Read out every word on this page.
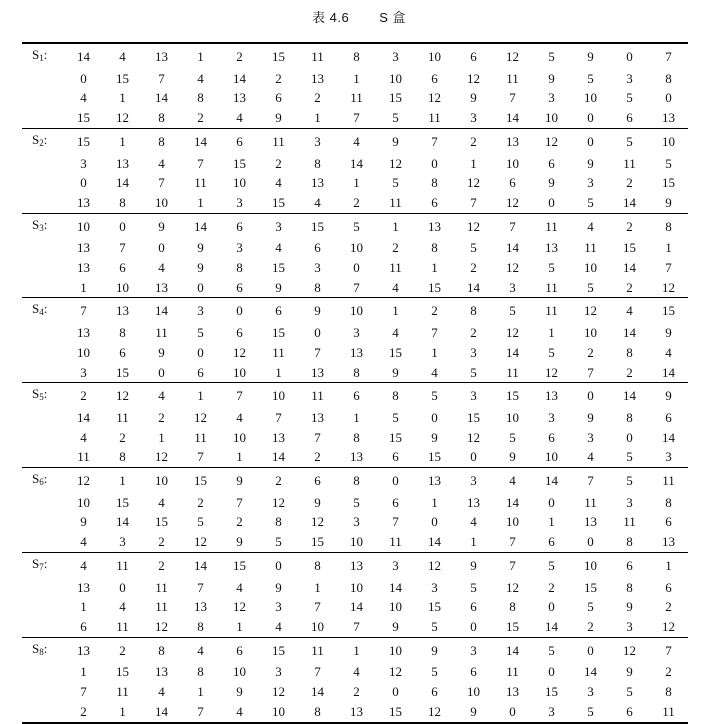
表 4.6 S 盒
$S_1$:	14	4	13	1	2	15	11	8	3	10	6	12	5	9	0	7
	0	15	7	4	14	2	13	1	10	6	12	11	9	5	3	8
	4	1	14	8	13	6	2	11	15	12	9	7	3	10	5	0
	15	12	8	2	4	9	1	7	5	11	3	14	10	0	6	13
$S_2$:	15	1	8	14	6	11	3	4	9	7	2	13	12	0	5	10
	3	13	4	7	15	2	8	14	12	0	1	10	6	9	11	5
	0	14	7	11	10	4	13	1	5	8	12	6	9	3	2	15
	13	8	10	1	3	15	4	2	11	6	7	12	0	5	14	9
$S_3$:	10	0	9	14	6	3	15	5	1	13	12	7	11	4	2	8
	13	7	0	9	3	4	6	10	2	8	5	14	13	11	15	1
	13	6	4	9	8	15	3	0	11	1	2	12	5	10	14	7
	1	10	13	0	6	9	8	7	4	15	14	3	11	5	2	12
$S_4$:	7	13	14	3	0	6	9	10	1	2	8	5	11	12	4	15
	13	8	11	5	6	15	0	3	4	7	2	12	1	10	14	9
	10	6	9	0	12	11	7	13	15	1	3	14	5	2	8	4
	3	15	0	6	10	1	13	8	9	4	5	11	12	7	2	14
$S_5$:	2	12	4	1	7	10	11	6	8	5	3	15	13	0	14	9
	14	11	2	12	4	7	13	1	5	0	15	10	3	9	8	6
	4	2	1	11	10	13	7	8	15	9	12	5	6	3	0	14
	11	8	12	7	1	14	2	13	6	15	0	9	10	4	5	3
$S_6$:	12	1	10	15	9	2	6	8	0	13	3	4	14	7	5	11
	10	15	4	2	7	12	9	5	6	1	13	14	0	11	3	8
	9	14	15	5	2	8	12	3	7	0	4	10	1	13	11	6
	4	3	2	12	9	5	15	10	11	14	1	7	6	0	8	13
$S_7$:	4	11	2	14	15	0	8	13	3	12	9	7	5	10	6	1
	13	0	11	7	4	9	1	10	14	3	5	12	2	15	8	6
	1	4	11	13	12	3	7	14	10	15	6	8	0	5	9	2
	6	11	12	8	1	4	10	7	9	5	0	15	14	2	3	12
$S_8$:	13	2	8	4	6	15	11	1	10	9	3	14	5	0	12	7
	1	15	13	8	10	3	7	4	12	5	6	11	0	14	9	2
	7	11	4	1	9	12	14	2	0	6	10	13	15	3	5	8
	2	1	14	7	4	10	8	13	15	12	9	0	3	5	6	11
